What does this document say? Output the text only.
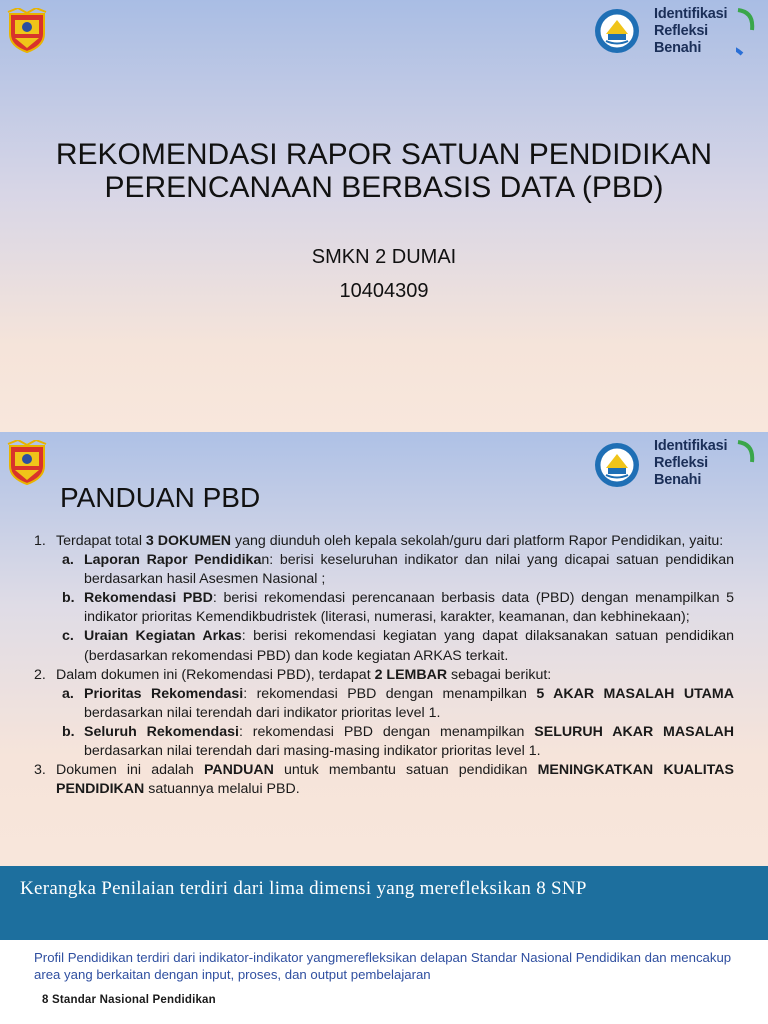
Identifikasi
Refleksi
Benahi
REKOMENDASI RAPOR SATUAN PENDIDIKAN
PERENCANAAN BERBASIS DATA (PBD)
SMKN 2 DUMAI
10404309
Identifikasi
Refleksi
Benahi
PANDUAN PBD
1. Terdapat total 3 DOKUMEN yang diunduh oleh kepala sekolah/guru dari platform Rapor Pendidikan, yaitu:
a. Laporan Rapor Pendidikan: berisi keseluruhan indikator dan nilai yang dicapai satuan pendidikan berdasarkan hasil Asesmen Nasional ;
b. Rekomendasi PBD: berisi rekomendasi perencanaan berbasis data (PBD) dengan menampilkan 5 indikator prioritas Kemendikbudristek (literasi, numerasi, karakter, keamanan, dan kebhinekaan);
c. Uraian Kegiatan Arkas: berisi rekomendasi kegiatan yang dapat dilaksanakan satuan pendidikan (berdasarkan rekomendasi PBD) dan kode kegiatan ARKAS terkait.
2. Dalam dokumen ini (Rekomendasi PBD), terdapat 2 LEMBAR sebagai berikut:
a. Prioritas Rekomendasi: rekomendasi PBD dengan menampilkan 5 AKAR MASALAH UTAMA berdasarkan nilai terendah dari indikator prioritas level 1.
b. Seluruh Rekomendasi: rekomendasi PBD dengan menampilkan SELURUH AKAR MASALAH berdasarkan nilai terendah dari masing-masing indikator prioritas level 1.
3. Dokumen ini adalah PANDUAN untuk membantu satuan pendidikan MENINGKATKAN KUALITAS PENDIDIKAN satuannya melalui PBD.
Kerangka Penilaian terdiri dari lima dimensi yang merefleksikan 8 SNP
Profil Pendidikan terdiri dari indikator-indikator yangmerefleksikan delapan Standar Nasional Pendidikan dan mencakup area yang berkaitan dengan input, proses, dan output pembelajaran
8 Standar Nasional Pendidikan
